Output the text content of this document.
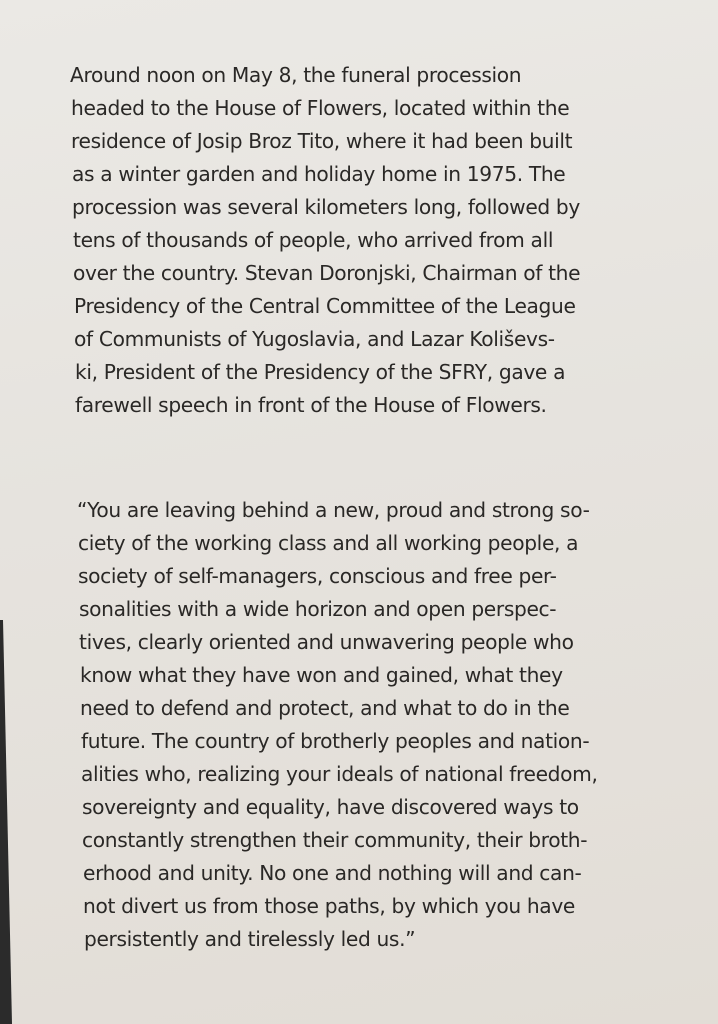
Around noon on May 8, the funeral procession
headed to the House of Flowers, located within the
residence of Josip Broz Tito, where it had been built
as a winter garden and holiday home in 1975. The
procession was several kilometers long, followed by
tens of thousands of people, who arrived from all
over the country. Stevan Doronjski, Chairman of the
Presidency of the Central Committee of the League
of Communists of Yugoslavia, and Lazar Koliševs-
ki, President of the Presidency of the SFRY, gave a
farewell speech in front of the House of Flowers.
“You are leaving behind a new, proud and strong so-
ciety of the working class and all working people, a
society of self-managers, conscious and free per-
sonalities with a wide horizon and open perspec-
tives, clearly oriented and unwavering people who
know what they have won and gained, what they
need to defend and protect, and what to do in the
future. The country of brotherly peoples and nation-
alities who, realizing your ideals of national freedom,
sovereignty and equality, have discovered ways to
constantly strengthen their community, their broth-
erhood and unity. No one and nothing will and can-
not divert us from those paths, by which you have
persistently and tirelessly led us.”
